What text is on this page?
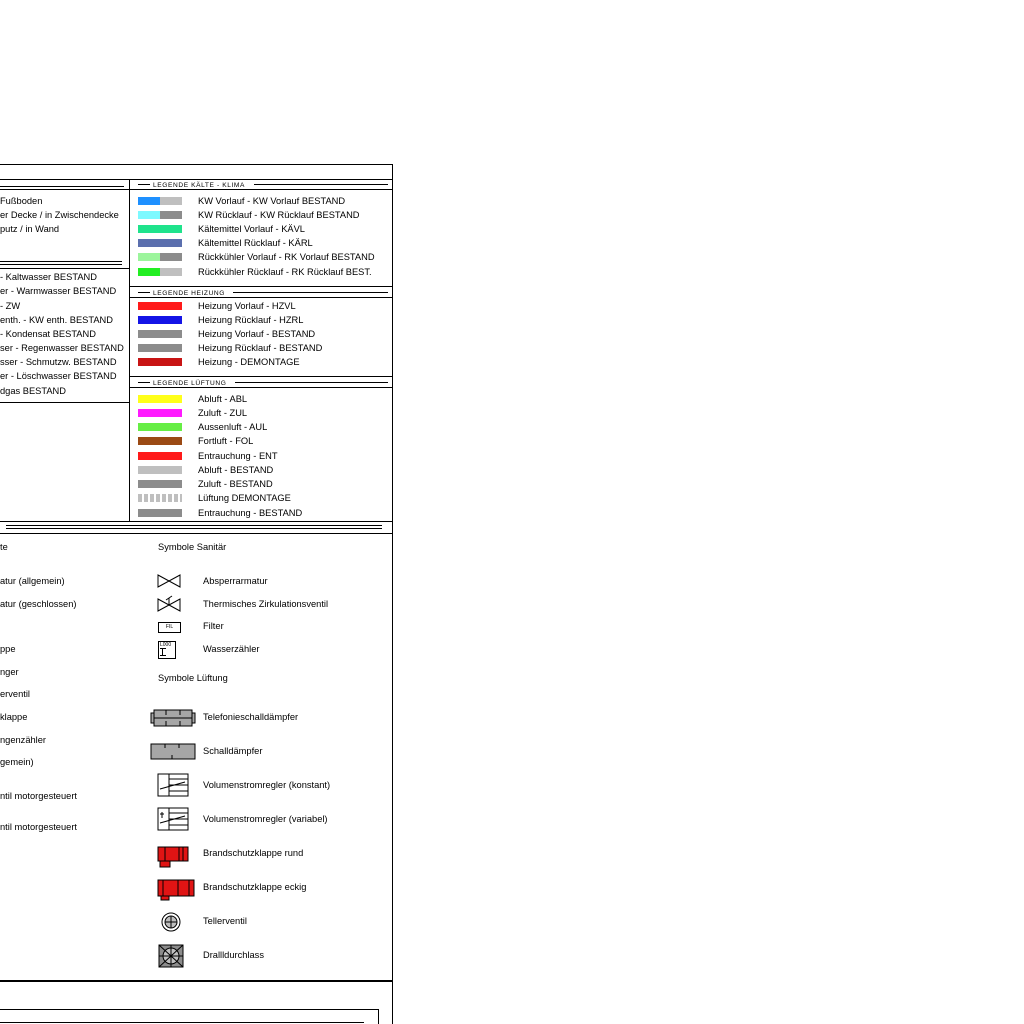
Fußboden
er Decke / in Zwischendecke
putz / in Wand
- Kaltwasser BESTAND
er - Warmwasser BESTAND
- ZW
enth. - KW enth. BESTAND
- Kondensat BESTAND
ser - Regenwasser BESTAND
sser - Schmutzw. BESTAND
er - Löschwasser BESTAND
dgas BESTAND
te
atur (allgemein)
atur (geschlossen)
ppe
nger
erventil
klappe
ngenzähler
gemein)
ntil motorgesteuert
ntil motorgesteuert
LEGENDE KÄLTE - KLIMA
KW Vorlauf - KW Vorlauf BESTAND
KW Rücklauf - KW Rücklauf BESTAND
Kältemittel Vorlauf - KÄVL
Kältemittel Rücklauf - KÄRL
Rückkühler Vorlauf - RK Vorlauf BESTAND
Rückkühler Rücklauf - RK Rücklauf BEST.
LEGENDE HEIZUNG
Heizung Vorlauf - HZVL
Heizung Rücklauf - HZRL
Heizung Vorlauf - BESTAND
Heizung Rücklauf - BESTAND
Heizung - DEMONTAGE
LEGENDE LÜFTUNG
Abluft - ABL
Zuluft - ZUL
Aussenluft - AUL
Fortluft - FOL
Entrauchung - ENT
Abluft - BESTAND
Zuluft - BESTAND
Lüftung DEMONTAGE
Entrauchung - BESTAND
Symbole Sanitär
Absperrarmatur
Thermisches Zirkulationsventil
FIL	Filter
L000	Wasserzähler
Symbole Lüftung
Telefonieschalldämpfer
Schalldämpfer
Volumenstromregler (konstant)
Volumenstromregler (variabel)
Brandschutzklappe rund
Brandschutzklappe eckig
Tellerventil
Drallldurchlass
